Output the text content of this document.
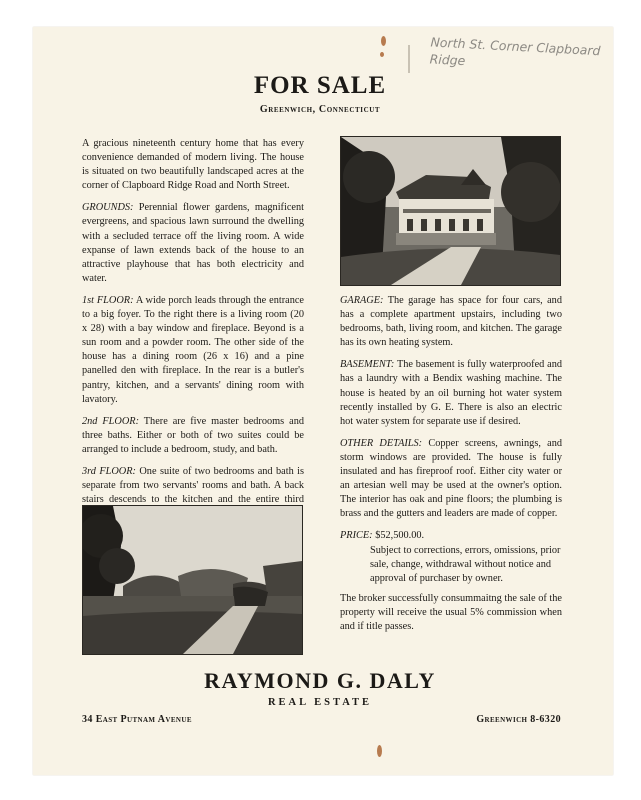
North St. Corner Clapboard Ridge
FOR SALE
Greenwich, Connecticut

A gracious nineteenth century home that has every convenience demanded of modern living. The house is situated on two beautifully landscaped acres at the corner of Clapboard Ridge Road and North Street.

GROUNDS: Perennial flower gardens, magnificent evergreens, and spacious lawn surround the dwelling with a secluded terrace off the living room. A wide expanse of lawn extends back of the house to an attractive playhouse that has both electricity and water.

1st FLOOR: A wide porch leads through the entrance to a big foyer. To the right there is a living room (20 x 28) with a bay window and fireplace. Beyond is a sun room and a powder room. The other side of the house has a dining room (26 x 16) and a pine panelled den with fireplace. In the rear is a butler's pantry, kitchen, and a servants' dining room with lavatory.

2nd FLOOR: There are five master bedrooms and three baths. Either or both of two suites could be arranged to include a bedroom, study, and bath.

3rd FLOOR: One suite of two bedrooms and bath is separate from two servants' rooms and bath. A back stairs descends to the kitchen and the entire third

GARAGE: The garage has space for four cars, and has a complete apartment upstairs, including two bedrooms, bath, living room, and kitchen. The garage has its own heating system.

BASEMENT: The basement is fully waterproofed and has a laundry with a Bendix washing machine. The house is heated by an oil burning hot water system recently installed by G. E. There is also an electric hot water system for separate use if desired.

OTHER DETAILS: Copper screens, awnings, and storm windows are provided. The house is fully insulated and has fireproof roof. Either city water or an artesian well may be used at the owner's option. The interior has oak and pine floors; the plumbing is brass and the gutters and leaders are made of copper.

PRICE: $52,500.00.

Subject to corrections, errors, omissions, prior sale, change, withdrawal without notice and approval of purchaser by owner.

The broker successfully consummaitng the sale of the property will receive the usual 5% commission when and if title passes.

RAYMOND G. DALY
REAL ESTATE
34 East Putnam Avenue	Greenwich 8-6320
